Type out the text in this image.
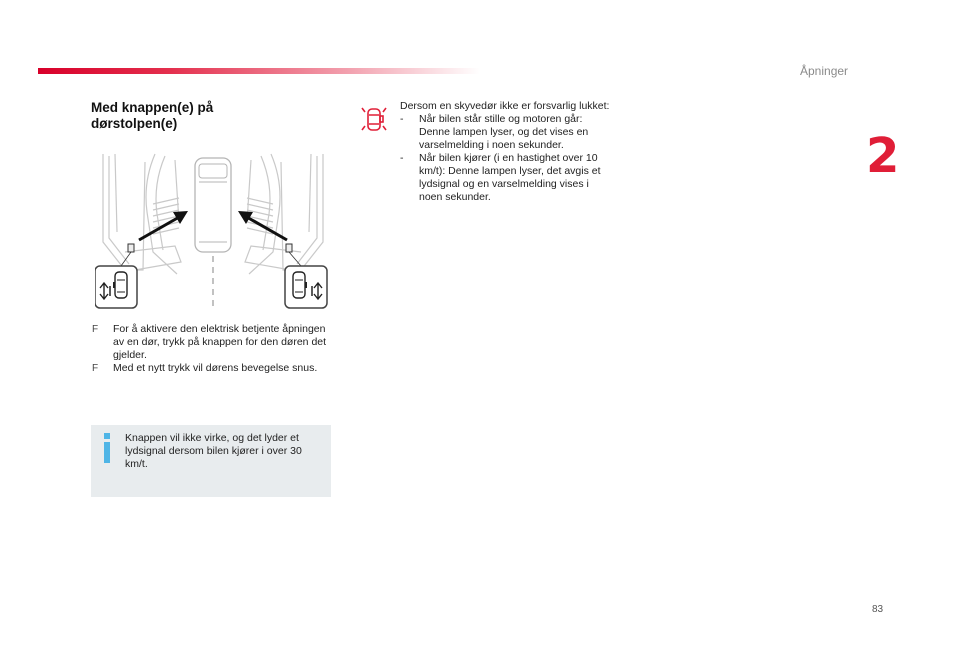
Åpninger
2
Med knappen(e) på dørstolpen(e)

F For å aktivere den elektrisk betjente åpningen av en dør, trykk på knappen for den døren det gjelder.

F Med et nytt trykk vil dørens bevegelse snus.

Knappen vil ikke virke, og det lyder et lydsignal dersom bilen kjører i over 30 km/t.

Dersom en skyvedør ikke er forsvarlig lukket:

- Når bilen står stille og motoren går: Denne lampen lyser, og det vises en varselmelding i noen sekunder.

- Når bilen kjører (i en hastighet over 10 km/t): Denne lampen lyser, det avgis et lydsignal og en varselmelding vises i noen sekunder.

83
